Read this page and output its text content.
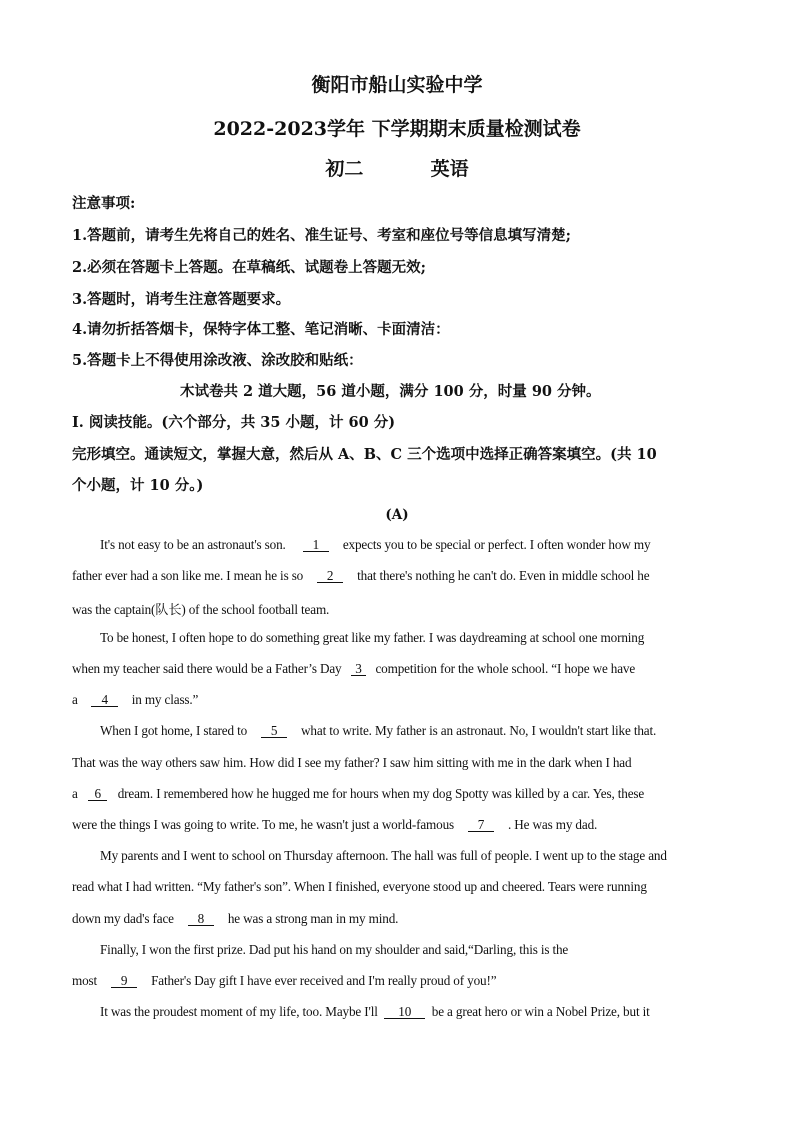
衡阳市船山实验中学
2022-2023学年 下学期期末质量检测试卷
初二	英语
注意事项:
1.答题前，请考生先将自己的姓名、准生证号、考室和座位号等信息填写清楚;
2.必须在答题卡上答题。在草稿纸、试题卷上答题无效;
3.答题时，诮考生注意答题要求。
4.请勿折括答烟卡，保特字体工整、笔记消晰、卡面清洁：
5.答题卡上不得使用涂改液、涂改胶和贴纸：
木试卷共 2 道大题，56 道小题，满分 100 分，时量 90 分钟。
I. 阅读技能。(六个部分，共 35 小题，计 60 分)
完形填空。通读短文，掌握大意，然后从 A、B、C 三个选项中选择正确答案填空。(共 10
个小题，计 10 分。)
(A)
It's not easy to be an astronaut's son. 1 expects you to be special or perfect. I often wonder how my
father ever had a son like me. I mean he is so 2 that there's nothing he can't do. Even in middle school he
was the captain(队长) of the school football team.
To be honest, I often hope to do something great like my father. I was daydreaming at school one morning
when my teacher said there would be a Father’s Day 3 competition for the whole school. “I hope we have
a 4 in my class.”
When I got home, I stared to 5 what to write. My father is an astronaut. No, I wouldn't start like that.
That was the way others saw him. How did I see my father? I saw him sitting with me in the dark when I had
a 6 dream. I remembered how he hugged me for hours when my dog Spotty was killed by a car. Yes, these
were the things I was going to write. To me, he wasn't just a world-famous 7 . He was my dad.
My parents and I went to school on Thursday afternoon. The hall was full of people. I went up to the stage and
read what I had written. “My father's son”. When I finished, everyone stood up and cheered. Tears were running
down my dad's face 8 he was a strong man in my mind.
Finally, I won the first prize. Dad put his hand on my shoulder and said,“Darling, this is the
most 9 Father's Day gift I have ever received and I'm really proud of you!”
It was the proudest moment of my life, too. Maybe I'll 10 be a great hero or win a Nobel Prize, but it
